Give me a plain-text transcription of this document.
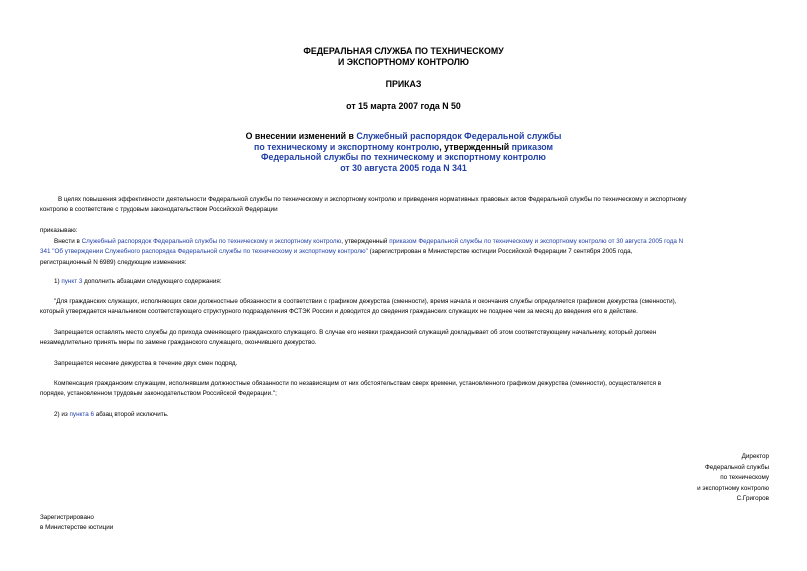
ФЕДЕРАЛЬНАЯ СЛУЖБА ПО ТЕХНИЧЕСКОМУ
И ЭКСПОРТНОМУ КОНТРОЛЮ
ПРИКАЗ
от 15 марта 2007 года N 50
О внесении изменений в Служебный распорядок Федеральной службы
по техническому и экспортному контролю, утвержденный приказом
Федеральной службы по техническому и экспортному контролю
от 30 августа 2005 года N 341
В целях повышения эффективности деятельности Федеральной службы по техническому и экспортному контролю и приведения нормативных правовых актов Федеральной службы по техническому и экспортному
контролю в соответствие с трудовым законодательством Российской Федерации
приказываю:
Внести в Служебный распорядок Федеральной службы по техническому и экспортному контролю, утвержденный приказом Федеральной службы по техническому и экспортному контролю от 30 августа 2005 года N
341 "Об утверждении Служебного распорядка Федеральной службы по техническому и экспортному контролю" (зарегистрирован в Министерстве юстиции Российской Федерации 7 сентября 2005 года,
регистрационный N 6989) следующие изменения:
1) пункт 3 дополнить абзацами следующего содержания:
"Для гражданских служащих, исполняющих свои должностные обязанности в соответствии с графиком дежурства (сменности), время начала и окончания службы определяется графиком дежурства (сменности),
который утверждается начальником соответствующего структурного подразделения ФСТЭК России и доводится до сведения гражданских служащих не позднее чем за месяц до введения его в действие.
Запрещается оставлять место службы до прихода сменяющего гражданского служащего. В случае его неявки гражданский служащий докладывает об этом соответствующему начальнику, который должен
незамедлительно принять меры по замене гражданского служащего, окончившего дежурство.
Запрещается несение дежурства в течение двух смен подряд.
Компенсация гражданским служащим, исполнявшим должностные обязанности по независящим от них обстоятельствам сверх времени, установленного графиком дежурства (сменности), осуществляется в
порядке, установленном трудовым законодательством Российской Федерации.";
2) из пункта 6 абзац второй исключить.
Директор
Федеральной службы
по техническому
и экспортному контролю
С.Григоров
Зарегистрировано
в Министерстве юстиции
